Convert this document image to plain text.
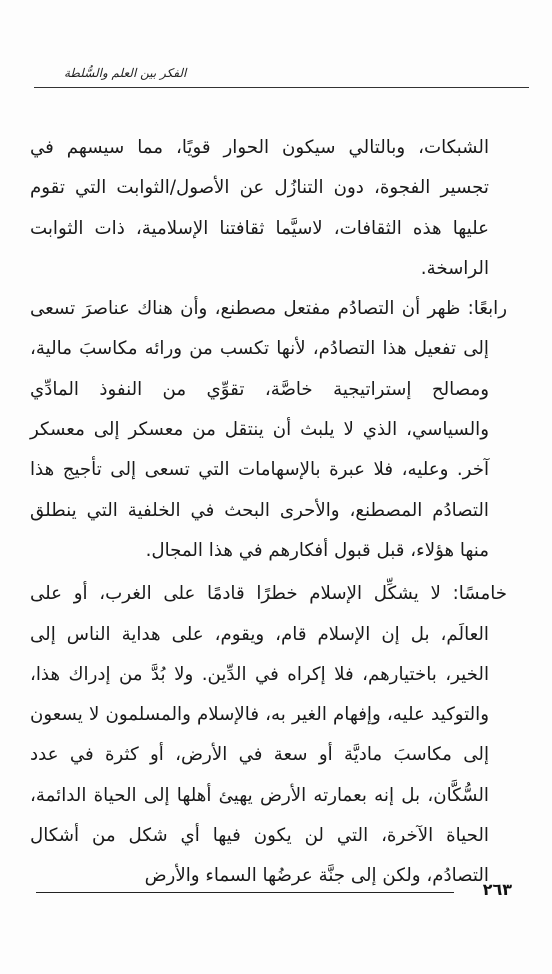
الفكر بين العلم والسُّلطة

الشبكات، وبالتالي سيكون الحوار قويًا، مما سيسهم في تجسير الفجوة، دون التنازُل عن الأصول/الثوابت التي تقوم عليها هذه الثقافات، لاسيَّما ثقافتنا الإسلامية، ذات الثوابت الراسخة.

رابعًا: ظهر أن التصادُم مفتعل مصطنع، وأن هناك عناصرَ تسعى إلى تفعيل هذا التصادُم، لأنها تكسب من ورائه مكاسبَ مالية، ومصالح إستراتيجية خاصَّة، تقوِّي من النفوذ المادِّي والسياسي، الذي لا يلبث أن ينتقل من معسكر إلى معسكر آخر. وعليه، فلا عبرة بالإسهامات التي تسعى إلى تأجيج هذا التصادُم المصطنع، والأحرى البحث في الخلفية التي ينطلق منها هؤلاء، قبل قبول أفكارهم في هذا المجال.

خامسًا: لا يشكِّل الإسلام خطرًا قادمًا على الغرب، أو على العالَم، بل إن الإسلام قام، ويقوم، على هداية الناس إلى الخير، باختيارهم، فلا إكراه في الدِّين. ولا بُدَّ من إدراك هذا، والتوكيد عليه، وإفهام الغير به، فالإسلام والمسلمون لا يسعون إلى مكاسبَ ماديَّة أو سعة في الأرض، أو كثرة في عدد السُّكَّان، بل إنه بعمارته الأرض يهيئ أهلها إلى الحياة الدائمة، الحياة الآخرة، التي لن يكون فيها أي شكل من أشكال التصادُم، ولكن إلى جنَّة عرضُها السماء والأرض

٢٦٣
